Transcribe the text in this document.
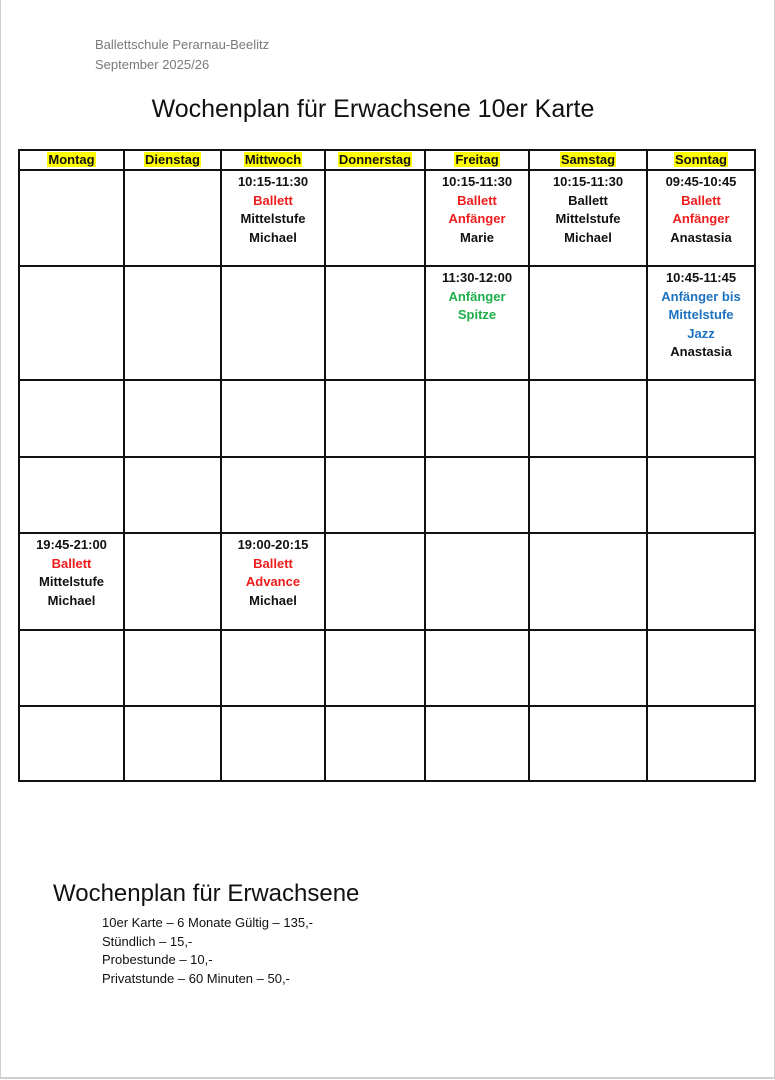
Ballettschule Perarnau-Beelitz
September 2025/26
Wochenplan für Erwachsene 10er Karte
Montag	Dienstag	Mittwoch	Donnerstag	Freitag	Samstag	Sonntag

		10:15-11:30
Ballett
Mittelstufe
Michael		10:15-11:30
Ballett
Anfänger
Marie	10:15-11:30
Ballett
Mittelstufe
Michael	09:45-10:45
Ballett
Anfänger
Anastasia

				11:30-12:00
Anfänger
Spitze		10:45-11:45
Anfänger bis
Mittelstufe
Jazz
Anastasia

19:45-21:00
Ballett
Mittelstufe
Michael		19:00-20:15
Ballett
Advance
Michael				

Wochenplan für Erwachsene
10er Karte – 6 Monate Gültig – 135,-
Stündlich – 15,-
Probestunde – 10,-
Privatstunde – 60 Minuten – 50,-
